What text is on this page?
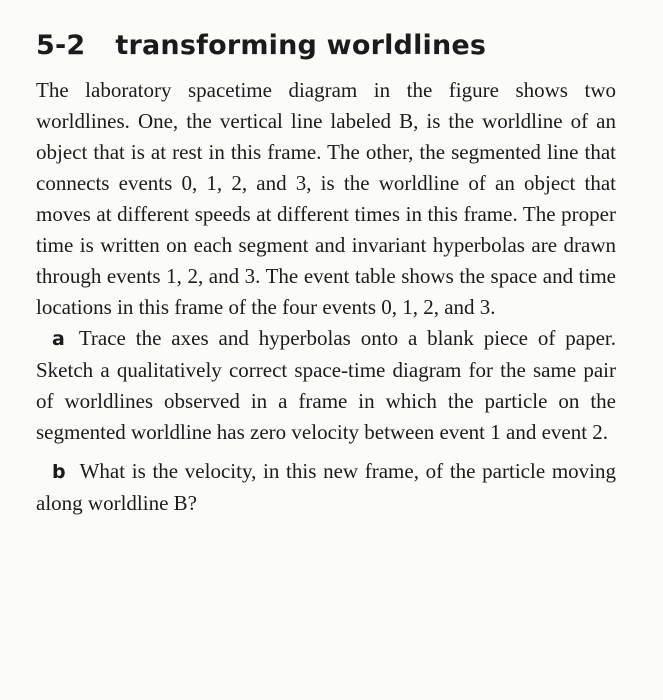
5-2 transforming worldlines

The laboratory spacetime diagram in the figure shows two worldlines. One, the vertical line labeled B, is the worldline of an object that is at rest in this frame. The other, the segmented line that connects events 0, 1, 2, and 3, is the worldline of an object that moves at different speeds at different times in this frame. The proper time is written on each segment and invariant hyperbolas are drawn through events 1, 2, and 3. The event table shows the space and time locations in this frame of the four events 0, 1, 2, and 3.

a Trace the axes and hyperbolas onto a blank piece of paper. Sketch a qualitatively correct space-time diagram for the same pair of worldlines observed in a frame in which the particle on the segmented worldline has zero velocity between event 1 and event 2.

b What is the velocity, in this new frame, of the particle moving along worldline B?
